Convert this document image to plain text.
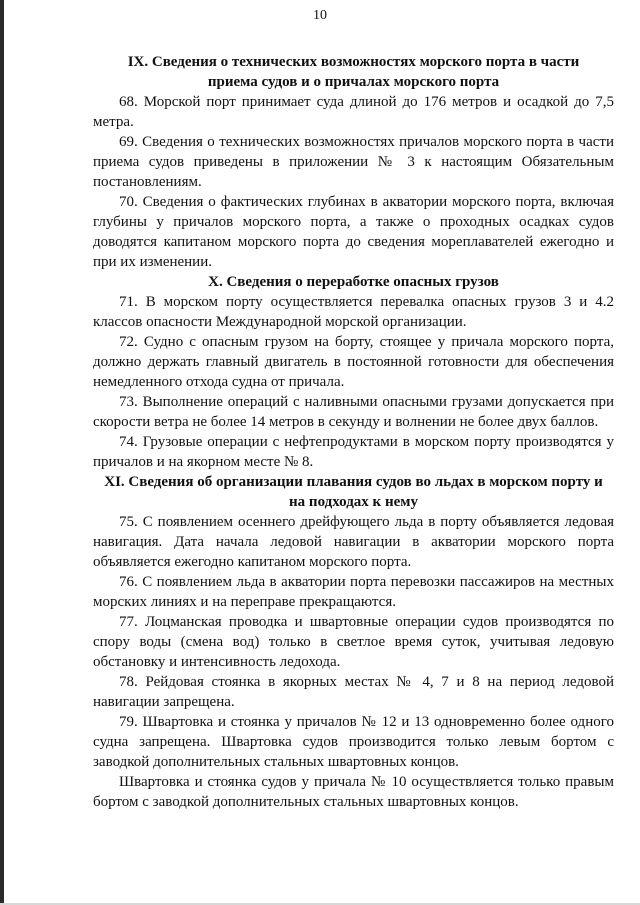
10
IX. Сведения о технических возможностях морского порта в части приема судов и о причалах морского порта

68. Морской порт принимает суда длиной до 176 метров и осадкой до 7,5 метра.

69. Сведения о технических возможностях причалов морского порта в части приема судов приведены в приложении № 3 к настоящим Обязательным постановлениям.

70. Сведения о фактических глубинах в акватории морского порта, включая глубины у причалов морского порта, а также о проходных осадках судов доводятся капитаном морского порта до сведения мореплавателей ежегодно и при их изменении.

X. Сведения о переработке опасных грузов

71. В морском порту осуществляется перевалка опасных грузов 3 и 4.2 классов опасности Международной морской организации.

72. Судно с опасным грузом на борту, стоящее у причала морского порта, должно держать главный двигатель в постоянной готовности для обеспечения немедленного отхода судна от причала.

73. Выполнение операций с наливными опасными грузами допускается при скорости ветра не более 14 метров в секунду и волнении не более двух баллов.

74. Грузовые операции с нефтепродуктами в морском порту производятся у причалов и на якорном месте № 8.

XI. Сведения об организации плавания судов во льдах в морском порту и на подходах к нему

75. С появлением осеннего дрейфующего льда в порту объявляется ледовая навигация. Дата начала ледовой навигации в акватории морского порта объявляется ежегодно капитаном морского порта.

76. С появлением льда в акватории порта перевозки пассажиров на местных морских линиях и на переправе прекращаются.

77. Лоцманская проводка и швартовные операции судов производятся по спору воды (смена вод) только в светлое время суток, учитывая ледовую обстановку и интенсивность ледохода.

78. Рейдовая стоянка в якорных местах № 4, 7 и 8 на период ледовой навигации запрещена.

79. Швартовка и стоянка у причалов № 12 и 13 одновременно более одного судна запрещена. Швартовка судов производится только левым бортом с заводкой дополнительных стальных швартовных концов.

Швартовка и стоянка судов у причала № 10 осуществляется только правым бортом с заводкой дополнительных стальных швартовных концов.
